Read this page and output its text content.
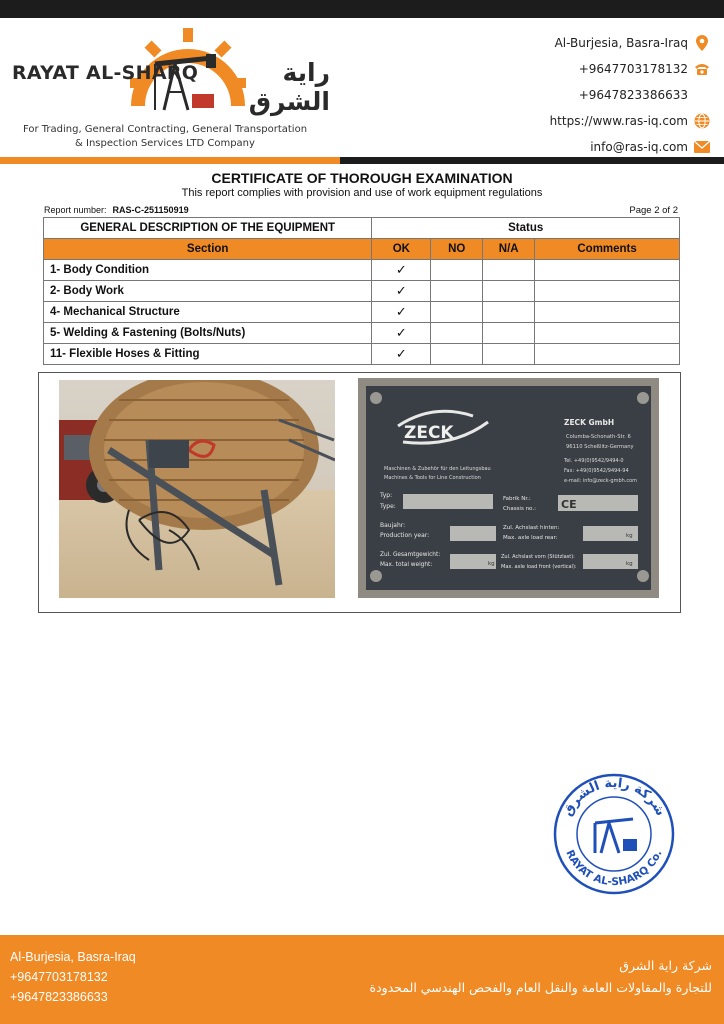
RAYAT AL-SHARQ	راية الشرق
For Trading, General Contracting, General Transportation
& Inspection Services LTD Company
Al-Burjesia, Basra-Iraq
+9647703178132
+9647823386633
https://www.ras-iq.com
info@ras-iq.com
CERTIFICATE OF THOROUGH EXAMINATION
This report complies with provision and use of work equipment regulations
Report number: RAS-C-251150919	Page 2 of 2
GENERAL DESCRIPTION OF THE EQUIPMENT	Status			
Section	OK	NO	N/A	Comments
1- Body Condition	✓			
2- Body Work	✓			
4- Mechanical Structure	✓			
5- Welding & Fastening (Bolts/Nuts)	✓			
11- Flexible Hoses & Fitting	✓			
ZECK
ZECK GmbH
Columba-Schonath-Str. 6
96110 Scheßlitz-Germany
Tel. +49(0)9542/9494-0
Fax: +49(0)9542/9494-94
e-mail: info@zeck-gmbh.com
Maschinen & Zubehör für den Leitungsbau
Machines & Tools for Line Construction
Typ:
Type:
Fabrik Nr.:
Chassis no.: CE
Baujahr:
Production year:
Zul. Achslast hinten:
Max. axle load rear:	kg
Zul. Gesamtgewicht:
Max. total weight:	kg
Zul. Achslast vorn (Stützlast):
Max. axle load front (vertical):	kg
شركة راية الشرق
RAYAT AL-SHARQ Co.
Al-Burjesia, Basra-Iraq
+9647703178132
+9647823386633
شركة راية الشرق
للتجارة والمقاولات العامة والنقل العام والفحص الهندسي المحدودة
